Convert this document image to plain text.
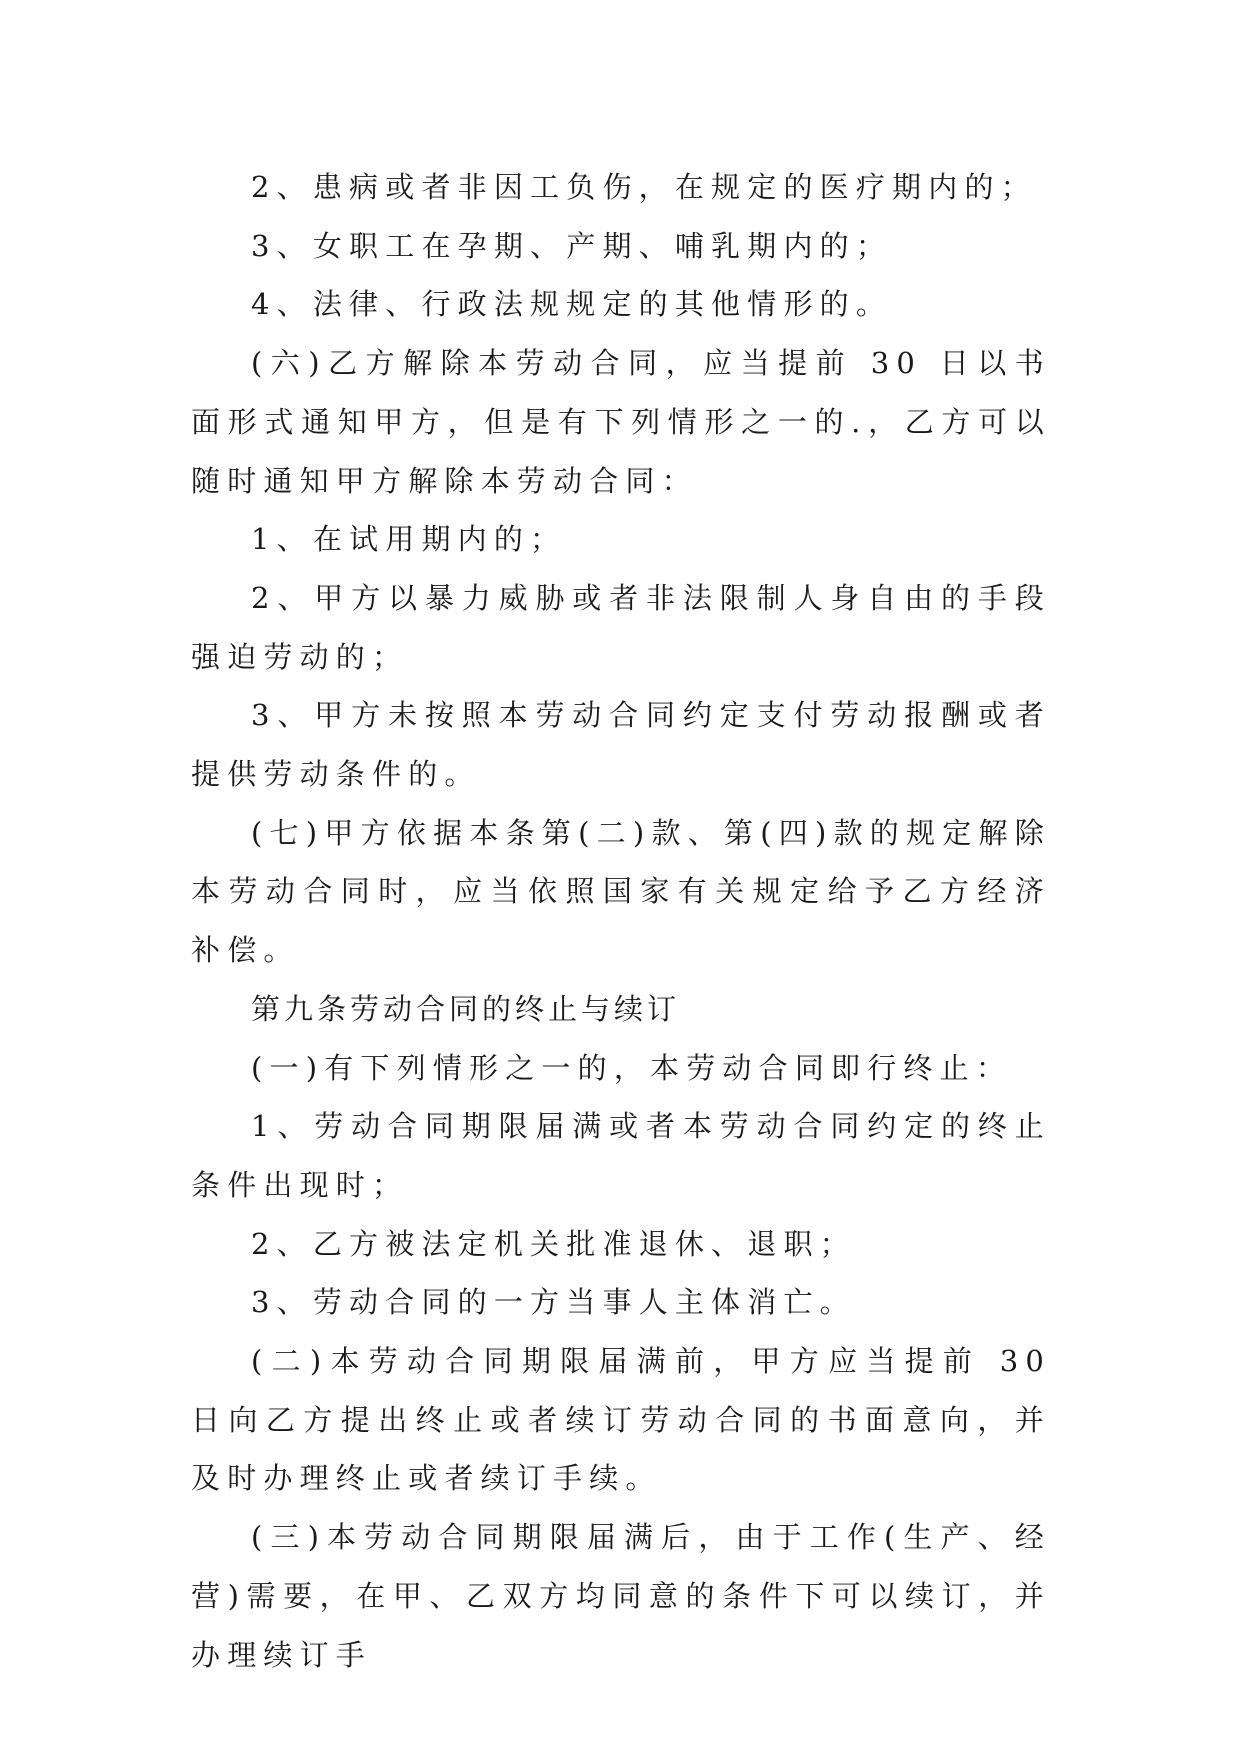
2、患病或者非因工负伤，在规定的医疗期内的；

3、女职工在孕期、产期、哺乳期内的；

4、法律、行政法规规定的其他情形的。

(六)乙方解除本劳动合同，应当提前 30 日以书面形式通知甲方，但是有下列情形之一的.，乙方可以随时通知甲方解除本劳动合同：

1、在试用期内的；

2、甲方以暴力威胁或者非法限制人身自由的手段强迫劳动的；

3、甲方未按照本劳动合同约定支付劳动报酬或者提供劳动条件的。

(七)甲方依据本条第(二)款、第(四)款的规定解除本劳动合同时，应当依照国家有关规定给予乙方经济补偿。

第九条劳动合同的终止与续订

(一)有下列情形之一的，本劳动合同即行终止：

1、劳动合同期限届满或者本劳动合同约定的终止条件出现时；

2、乙方被法定机关批准退休、退职；

3、劳动合同的一方当事人主体消亡。

(二)本劳动合同期限届满前，甲方应当提前 30 日向乙方提出终止或者续订劳动合同的书面意向，并及时办理终止或者续订手续。

(三)本劳动合同期限届满后，由于工作(生产、经营)需要，在甲、乙双方均同意的条件下可以续订，并办理续订手
